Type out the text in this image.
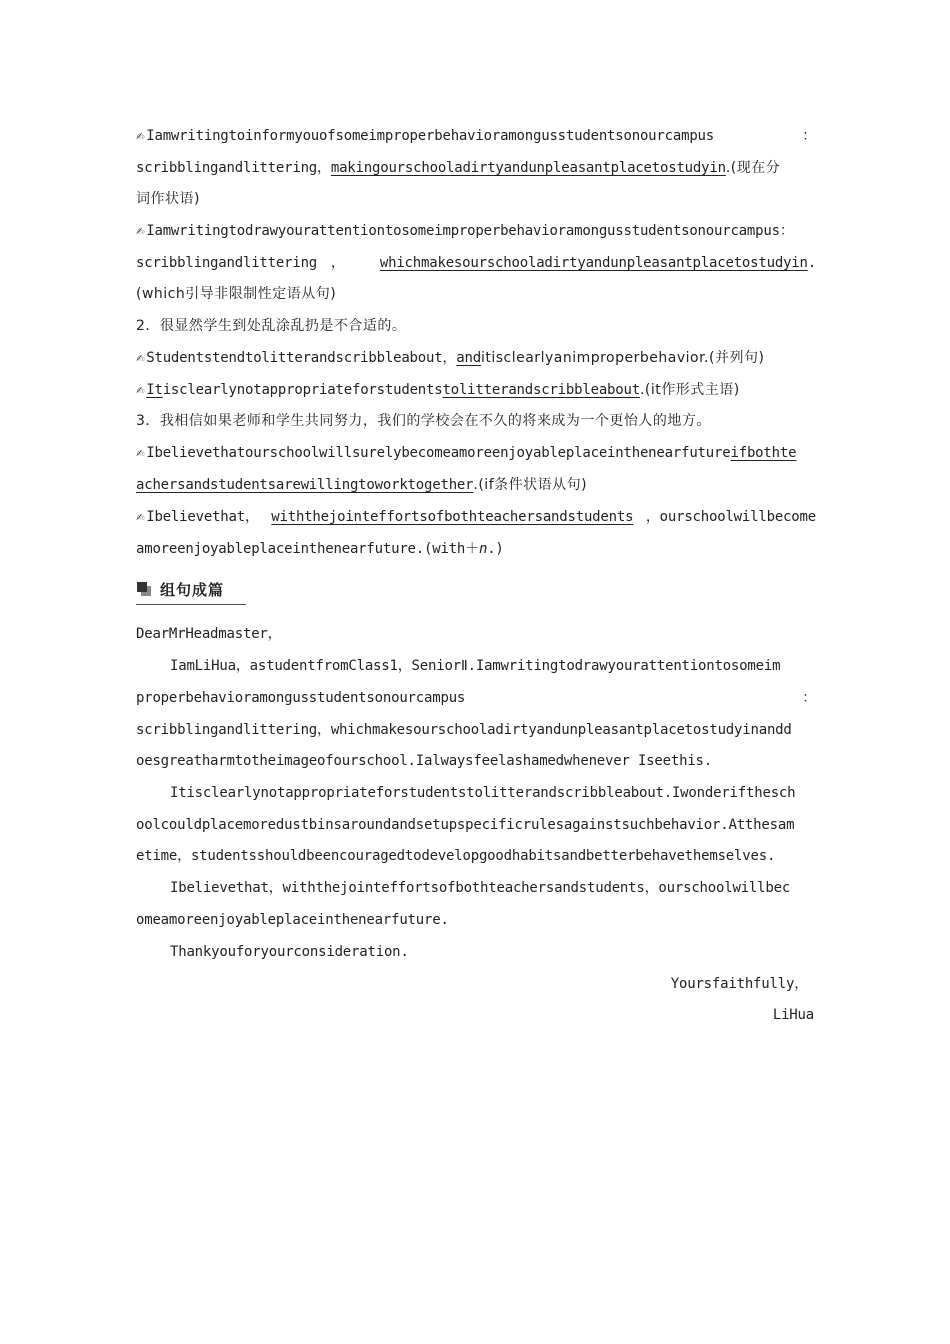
✍ Iamwritingtoinformyouofsomeimproperbehavioramongusstudentsonourcampus	：
scribblingandlittering，makingourschooladirtyandunpleasantplacetostudyin.(现在分
词作状语)
✍ Iamwritingtodrawyourattentiontosomeimproperbehavioramongusstudentsonourcampus：
scribblingandlittering　，	whichmakesourschooladirtyandunpleasantplacetostudyin.
(which引导非限制性定语从句)
2．很显然学生到处乱涂乱扔是不合适的。
✍ Studentstendtolitterandscribbleabout，anditisclearlyanimproperbehavior.(并列句)
✍ Itisclearlynotappropriateforstudentstolitterandscribbleabout.(it作形式主语)
3．我相信如果老师和学生共同努力，我们的学校会在不久的将来成为一个更怡人的地方。
✍ Ibelievethatourschoolwillsurelybecomeamoreenjoyableplaceinthenearfutureifbothte
achersandstudentsarewillingtoworktogether.(if条件状语从句)
✍ Ibelievethat， withthejointeffortsofbothteachersandstudents ，ourschoolwillbecome
amoreenjoyableplaceinthenearfuture.(with＋n.)
组句成篇
DearMrHeadmaster，
IamLiHua，astudentfromClass1，SeniorⅡ.Iamwritingtodrawyourattentiontosomeim
properbehavioramongusstudentsonourcampus	：
scribblingandlittering，whichmakesourschooladirtyandunpleasantplacetostudyinandd
oesgreatharmtotheimageofourschool.Ialwaysfeelashamedwhenever Iseethis.
Itisclearlynotappropriateforstudentstolitterandscribbleabout.Iwonderifthesch
oolcouldplacemoredustbinsaroundandsetupspecificrulesagainstsuchbehavior.Atthesam
etime，studentsshouldbeencouragedtodevelopgoodhabitsandbetterbehavethemselves.
Ibelievethat，withthejointeffortsofbothteachersandstudents，ourschoolwillbec
omeamoreenjoyableplaceinthenearfuture.
Thankyouforyourconsideration.
Yoursfaithfully，
LiHua
